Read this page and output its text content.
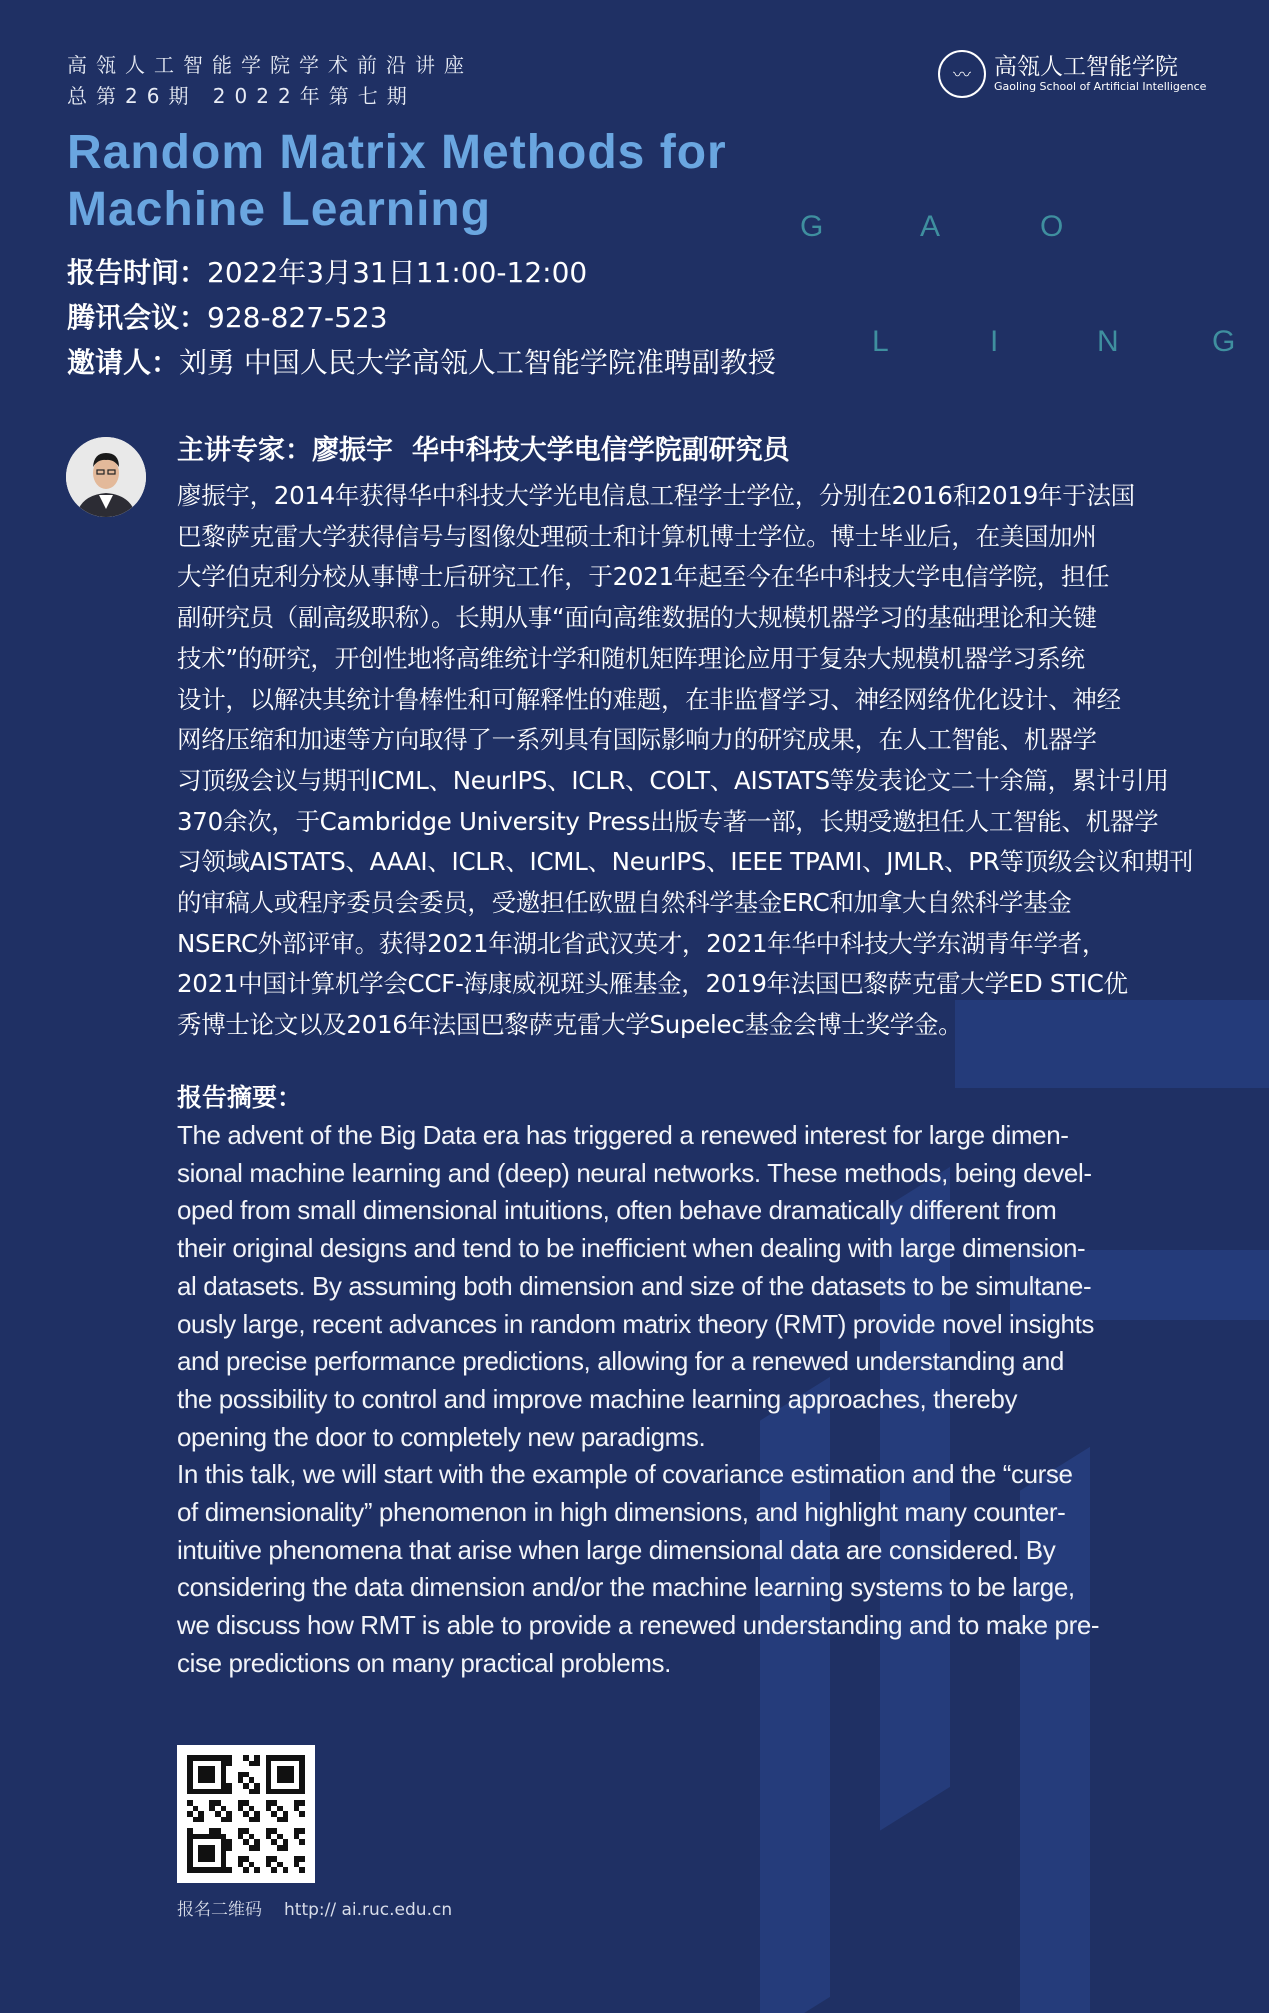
高瓴人工智能学院学术前沿讲座
总第26期 2022年第七期
〰	高瓴人工智能学院
Gaoling School of Artificial Intelligence
Random Matrix Methods for
Machine Learning	G	A	O
L	I	N	G
报告时间：2022年3月31日11:00-12:00
腾讯会议：928-827-523
邀请人：刘勇 中国人民大学高瓴人工智能学院准聘副教授
主讲专家：廖振宇 华中科技大学电信学院副研究员

廖振宇，2014年获得华中科技大学光电信息工程学士学位，分别在2016和2019年于法国

巴黎萨克雷大学获得信号与图像处理硕士和计算机博士学位。博士毕业后，在美国加州

大学伯克利分校从事博士后研究工作，于2021年起至今在华中科技大学电信学院，担任

副研究员（副高级职称）。长期从事“面向高维数据的大规模机器学习的基础理论和关键

技术”的研究，开创性地将高维统计学和随机矩阵理论应用于复杂大规模机器学习系统

设计，以解决其统计鲁棒性和可解释性的难题，在非监督学习、神经网络优化设计、神经

网络压缩和加速等方向取得了一系列具有国际影响力的研究成果，在人工智能、机器学

习顶级会议与期刊ICML、NeurIPS、ICLR、COLT、AISTATS等发表论文二十余篇，累计引用

370余次，于Cambridge University Press出版专著一部，长期受邀担任人工智能、机器学

习领域AISTATS、AAAI、ICLR、ICML、NeurIPS、IEEE TPAMI、JMLR、PR等顶级会议和期刊

的审稿人或程序委员会委员，受邀担任欧盟自然科学基金ERC和加拿大自然科学基金

NSERC外部评审。获得2021年湖北省武汉英才，2021年华中科技大学东湖青年学者，

2021中国计算机学会CCF-海康威视斑头雁基金，2019年法国巴黎萨克雷大学ED STIC优

秀博士论文以及2016年法国巴黎萨克雷大学Supelec基金会博士奖学金。

报告摘要：

The advent of the Big Data era has triggered a renewed interest for large dimen-

sional machine learning and (deep) neural networks. These methods, being devel-

oped from small dimensional intuitions, often behave dramatically different from

their original designs and tend to be inefficient when dealing with large dimension-

al datasets. By assuming both dimension and size of the datasets to be simultane-

ously large, recent advances in random matrix theory (RMT) provide novel insights

and precise performance predictions, allowing for a renewed understanding and

the possibility to control and improve machine learning approaches, thereby

opening the door to completely new paradigms.

In this talk, we will start with the example of covariance estimation and the “curse

of dimensionality” phenomenon in high dimensions, and highlight many counter-

intuitive phenomena that arise when large dimensional data are considered. By

considering the data dimension and/or the machine learning systems to be large,

we discuss how RMT is able to provide a renewed understanding and to make pre-

cise predictions on many practical problems.

报名二维码 http:// ai.ruc.edu.cn
